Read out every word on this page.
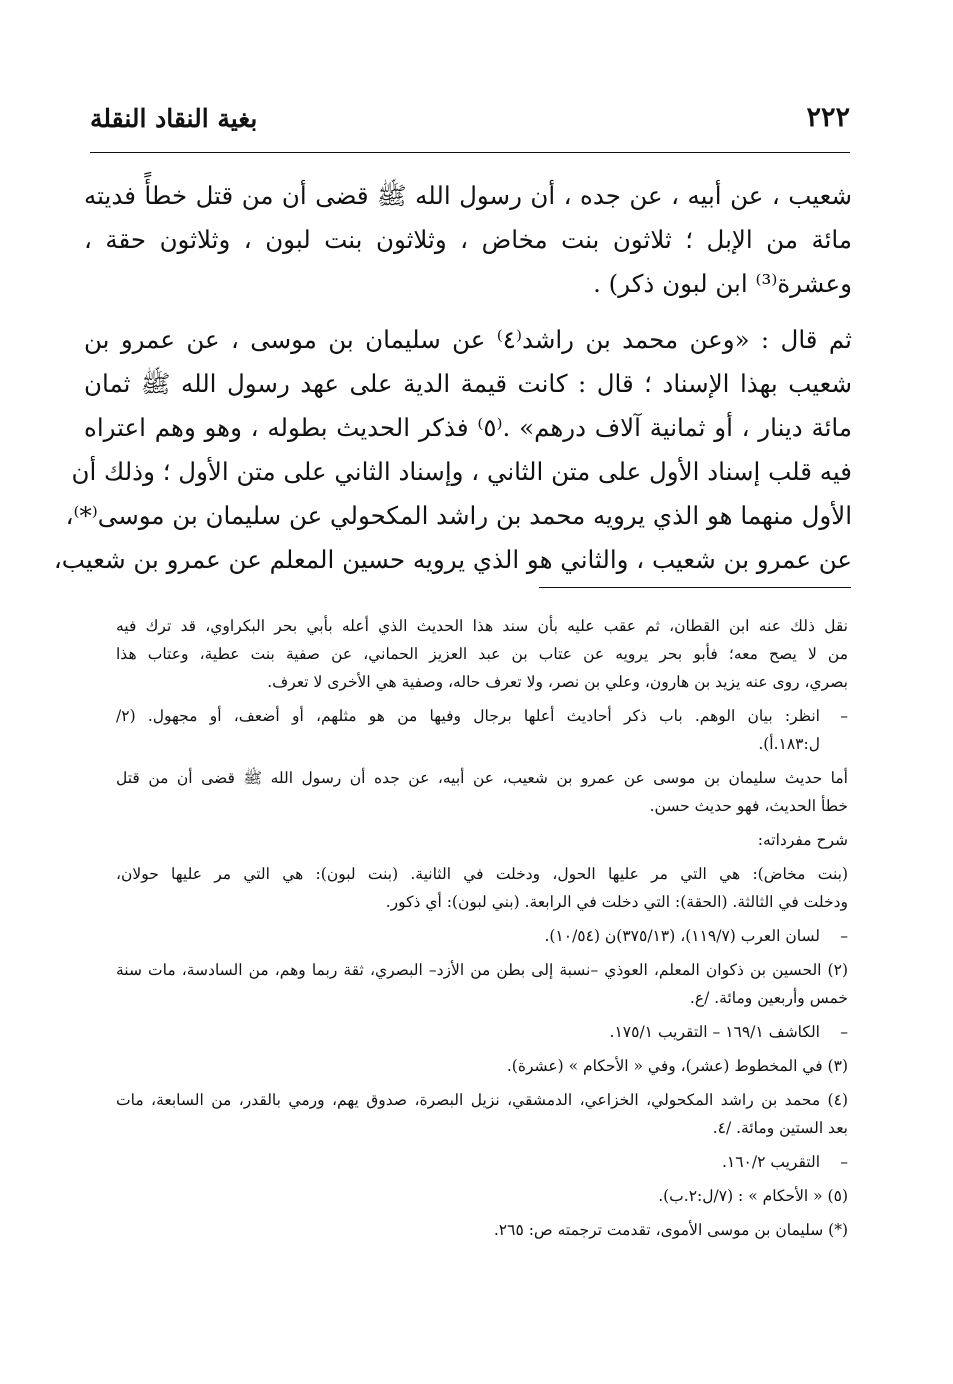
٢٢٢
بغية النقاد النقلة

شعيب ، عن أبيه ، عن جده ، أن رسول الله ﷺ قضى أن من قتل خطأً فديته
مائة من الإبل ؛ ثلاثون بنت مخاض ، وثلاثون بنت لبون ، وثلاثون حقة ،
وعشرة⁽³⁾ ابن لبون ذكر) .

ثم قال : «وعن محمد بن راشد⁽٤⁾ عن سليمان بن موسى ، عن عمرو بن
شعيب بهذا الإسناد ؛ قال : كانت قيمة الدية على عهد رسول الله ﷺ ثمان
مائة دينار ، أو ثمانية آلاف درهم» .⁽٥⁾ فذكر الحديث بطوله ، وهو وهم اعتراه
فيه قلب إسناد الأول على متن الثاني ، وإسناد الثاني على متن الأول ؛ وذلك أن
الأول منهما هو الذي يرويه محمد بن راشد المكحولي عن سليمان بن موسى⁽*⁾،
عن عمرو بن شعيب ، والثاني هو الذي يرويه حسين المعلم عن عمرو بن شعيب،

نقل ذلك عنه ابن القطان، ثم عقب عليه بأن سند هذا الحديث الذي أعله بأبي بحر البكراوي، قد ترك فيه
من لا يصح معه؛ فأبو بحر يرويه عن عتاب بن عبد العزيز الحماني، عن صفية بنت عطية، وعتاب هذا
بصري، روى عنه يزيد بن هارون، وعلي بن نصر، ولا تعرف حاله، وصفية هي الأخرى لا تعرف.
– انظر: بيان الوهم. باب ذكر أحاديث أعلها برجال وفيها من هو مثلهم، أو أضعف، أو مجهول. (٢/
ل:١٨٣.أ).
أما حديث سليمان بن موسى عن عمرو بن شعيب، عن أبيه، عن جده أن رسول الله ﷺ قضى أن من قتل
خطأ الحديث، فهو حديث حسن.
شرح مفرداته:
(بنت مخاض): هي التي مر عليها الحول، ودخلت في الثانية. (بنت لبون): هي التي مر عليها حولان،
ودخلت في الثالثة. (الحقة): التي دخلت في الرابعة. (بني لبون): أي ذكور.
– لسان العرب (١١٩/٧)، (٣٧٥/١٣)ن (١٠/٥٤).
(٢) الحسين بن ذكوان المعلم، العوذي –نسبة إلى بطن من الأزد– البصري، ثقة ربما وهم، من السادسة، مات سنة
خمس وأربعين ومائة. /ع.
– الكاشف ١٦٩/١ – التقريب ١٧٥/١.
(٣) في المخطوط (عشر)، وفي « الأحكام » (عشرة).
(٤) محمد بن راشد المكحولي، الخزاعي، الدمشقي، نزيل البصرة، صدوق يهم، ورمي بالقدر، من السابعة، مات
بعد الستين ومائة. /٤.
– التقريب ١٦٠/٢.
(٥) « الأحكام » : (٧/ل:٢.ب).
(*) سليمان بن موسى الأموى، تقدمت ترجمته ص: ٢٦٥.
